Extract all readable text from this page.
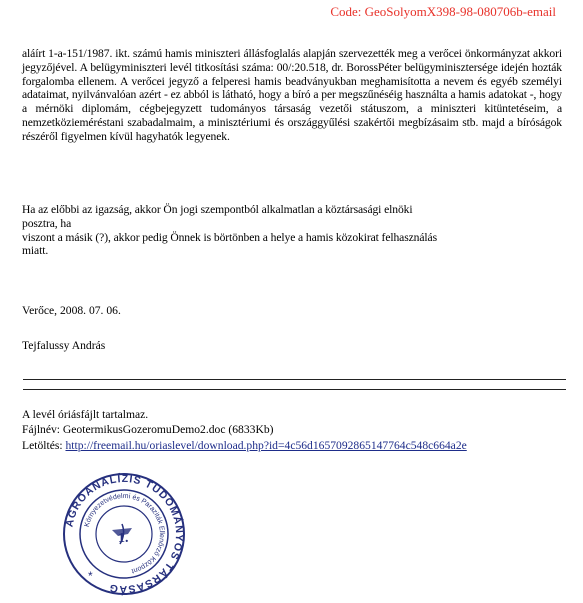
Code: GeoSolyomX398-98-080706b-email
aláírt 1-a-151/1987. ikt. számú hamis miniszteri állásfoglalás alapján szervezették meg a verőcei önkormányzat akkori jegyzőjével. A belügyminiszteri levél titkosítási száma: 00/:20.518, dr. BorossPéter belügyminisztersége idején hozták forgalomba ellenem. A verőcei jegyző a felperesi hamis beadványukban meghamisította a nevem és egyéb személyi adataimat, nyilvánvalóan azért - ez abból is látható, hogy a bíró a per megszűnéséig használta a hamis adatokat -, hogy a mérnöki diplomám, cégbejegyzett tudományos társaság vezetői státuszom, a miniszteri kitüntetéseim, a nemzetközieméréstani szabadalmaim, a minisztériumi és országgyűlési szakértői megbízásaim stb. majd a bíróságok részéről figyelmen kívül hagyhatók legyenek.
Ha az előbbi az igazság, akkor Ön jogi szempontból alkalmatlan a köztársasági elnöki
posztra, ha
viszont a másik (?), akkor pedig Önnek is börtönben a helye a hamis közokirat felhasználás
miatt.
Verőce, 2008. 07. 06.
Tejfalussy András
A levél óriásfájlt tartalmaz.
Fájlnév: GeotermikusGozeromuDemo2.doc (6833Kb)
Letöltés: http://freemail.hu/oriaslevel/download.php?id=4c56d1657092865147764c548c664a2e
AGROANALÍZIS TUDOMÁNYOS TÁRSASÁG
Környezetvédelmi és Paraziták Ellenőrző Központ
1.
*
